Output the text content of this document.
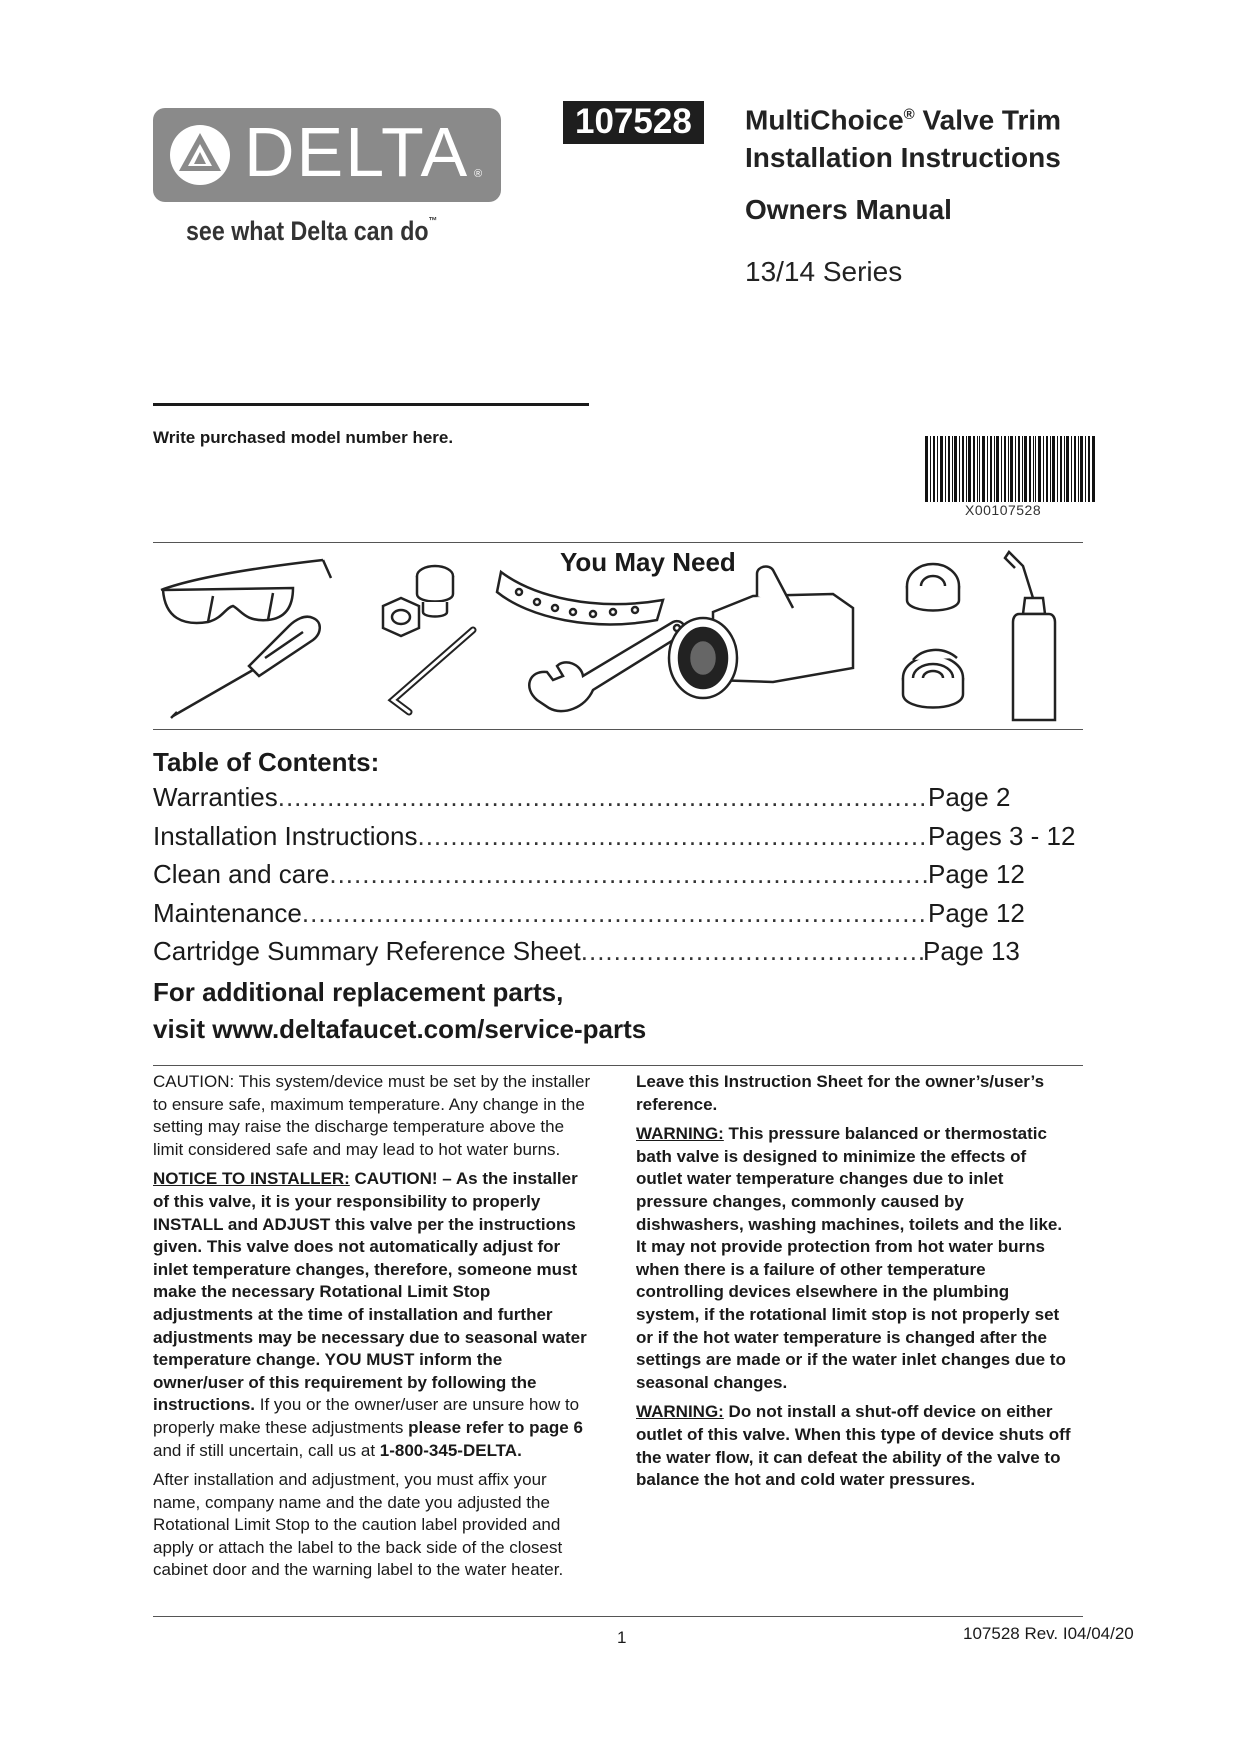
DELTA ®
see what Delta can do™
107528	MultiChoice® Valve Trim
Installation Instructions
Owners Manual
13/14 Series
Write purchased model number here.
X00107528
You May Need
Table of Contents:
Warranties .....	Page 2
Installation Instructions .....	Pages 3 - 12
Clean and care .....	Page 12
Maintenance .....	Page 12
Cartridge Summary Reference Sheet .....	Page 13
For additional replacement parts,
visit www.deltafaucet.com/service-parts

CAUTION: This system/device must be set by the installer to ensure safe, maximum temperature. Any change in the setting may raise the discharge temperature above the limit considered safe and may lead to hot water burns.

NOTICE TO INSTALLER: CAUTION! – As the installer of this valve, it is your responsibility to properly INSTALL and ADJUST this valve per the instructions given. This valve does not automatically adjust for inlet temperature changes, therefore, someone must make the necessary Rotational Limit Stop adjustments at the time of installation and further adjustments may be necessary due to seasonal water temperature change. YOU MUST inform the owner/user of this requirement by following the instructions. If you or the owner/user are unsure how to properly make these adjustments please refer to page 6 and if still uncertain, call us at 1-800-345-DELTA.

After installation and adjustment, you must affix your name, company name and the date you adjusted the Rotational Limit Stop to the caution label provided and apply or attach the label to the back side of the closest cabinet door and the warning label to the water heater.

Leave this Instruction Sheet for the owner’s/user’s reference.

WARNING: This pressure balanced or thermostatic bath valve is designed to minimize the effects of outlet water temperature changes due to inlet pressure changes, commonly caused by dishwashers, washing machines, toilets and the like. It may not provide protection from hot water burns when there is a failure of other temperature controlling devices elsewhere in the plumbing system, if the rotational limit stop is not properly set or if the hot water temperature is changed after the settings are made or if the water inlet changes due to seasonal changes.

WARNING: Do not install a shut-off device on either outlet of this valve. When this type of device shuts off the water flow, it can defeat the ability of the valve to balance the hot and cold water pressures.

1	107528 Rev. I04/04/20
